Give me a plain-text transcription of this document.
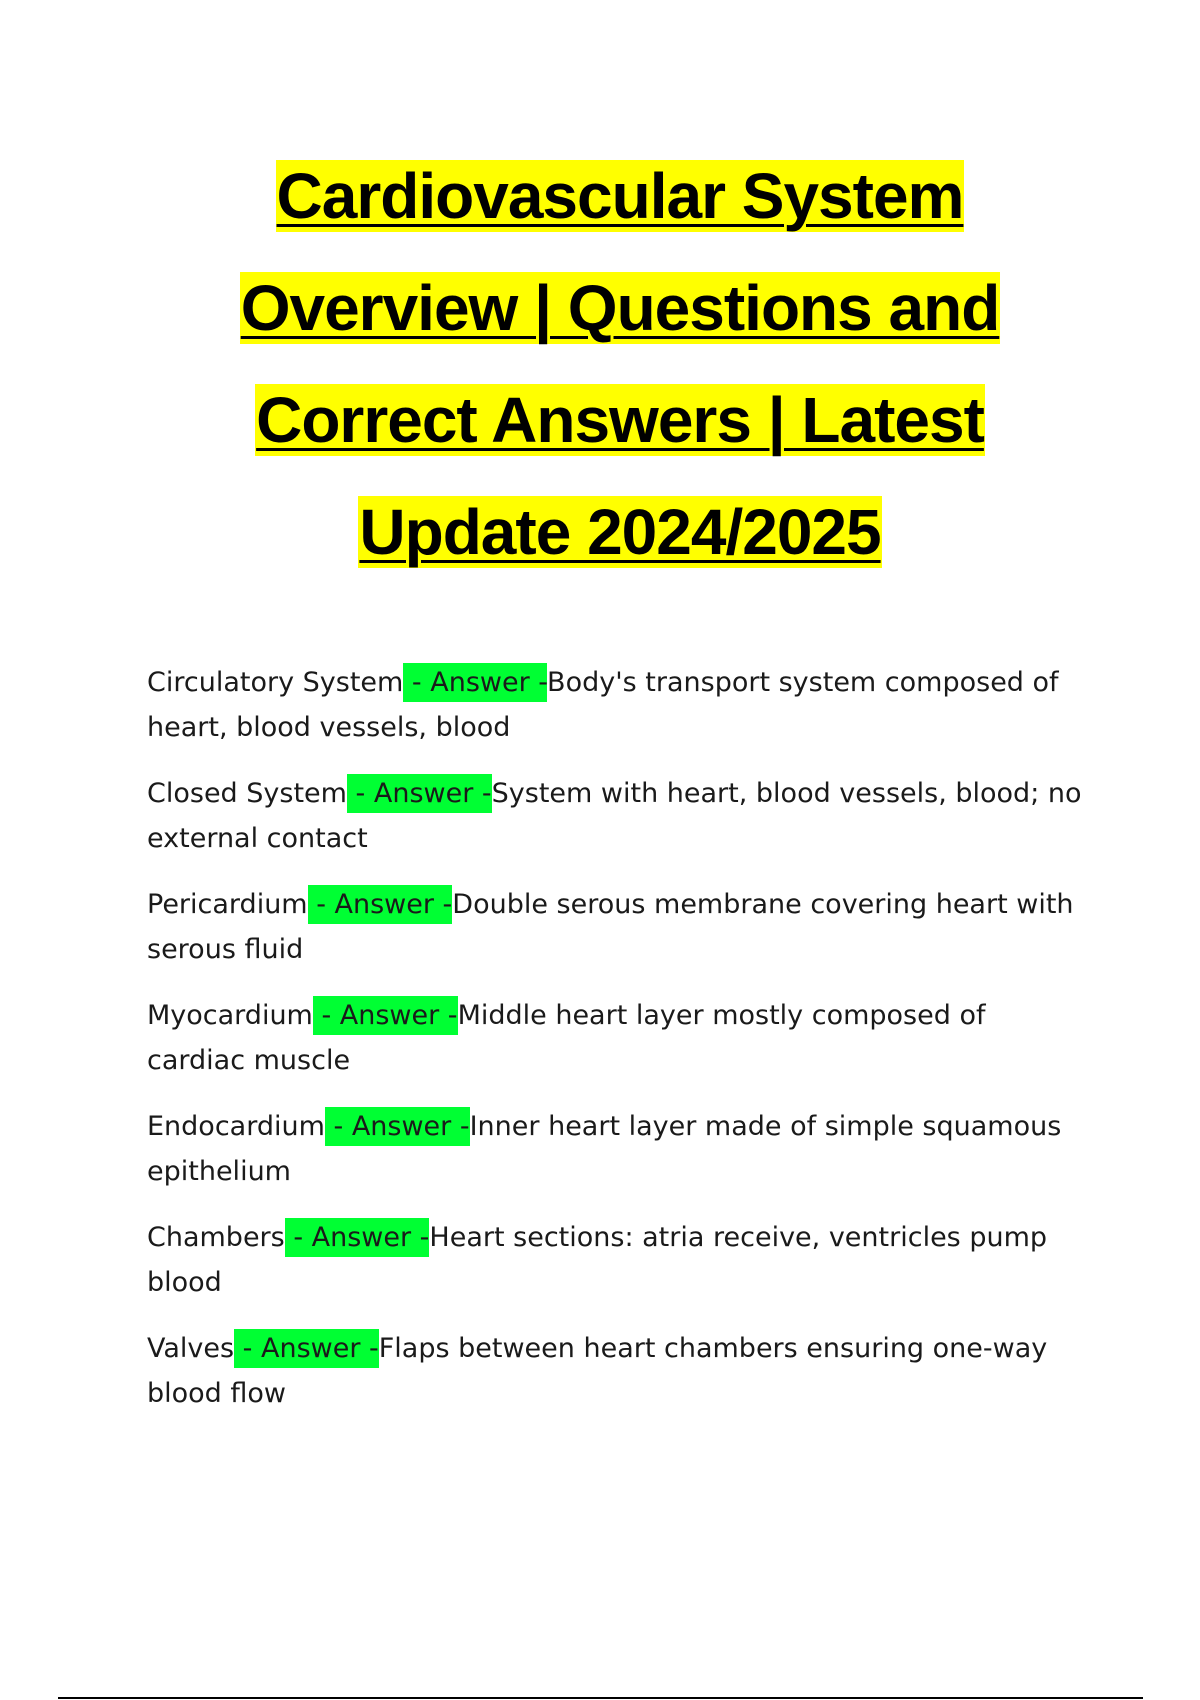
Cardiovascular System
Overview | Questions and
Correct Answers | Latest
Update 2024/2025

Circulatory System - Answer -Body's transport system composed of heart, blood vessels, blood

Closed System - Answer -System with heart, blood vessels, blood; no external contact

Pericardium - Answer -Double serous membrane covering heart with serous fluid

Myocardium - Answer -Middle heart layer mostly composed of cardiac muscle

Endocardium - Answer -Inner heart layer made of simple squamous epithelium

Chambers - Answer -Heart sections: atria receive, ventricles pump blood

Valves - Answer -Flaps between heart chambers ensuring one-way blood flow
